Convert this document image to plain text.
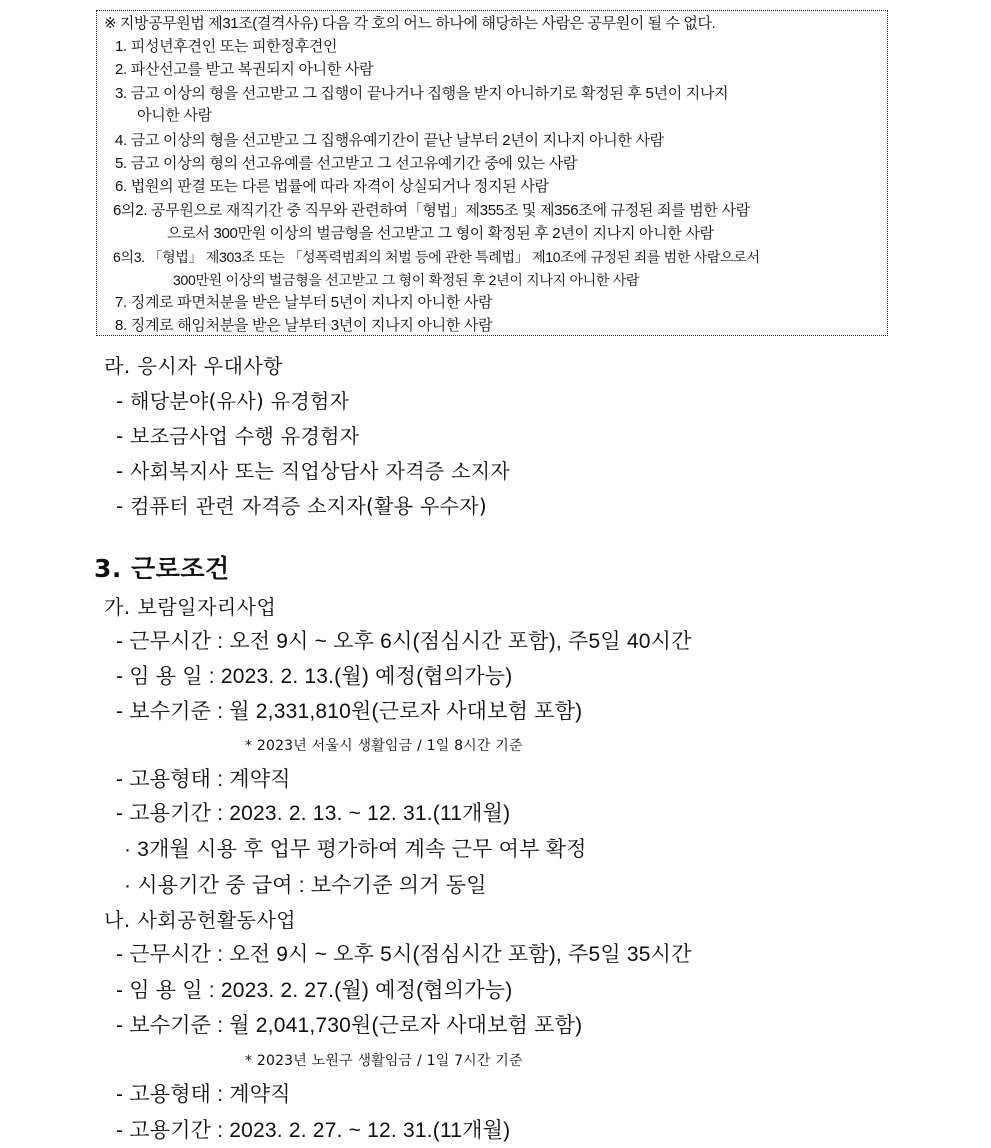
※ 지방공무원법 제31조(결격사유) 다음 각 호의 어느 하나에 해당하는 사람은 공무원이 될 수 없다.
1. 피성년후견인 또는 피한정후견인
2. 파산선고를 받고 복권되지 아니한 사람
3. 금고 이상의 형을 선고받고 그 집행이 끝나거나 집행을 받지 아니하기로 확정된 후 5년이 지나지
아니한 사람
4. 금고 이상의 형을 선고받고 그 집행유예기간이 끝난 날부터 2년이 지나지 아니한 사람
5. 금고 이상의 형의 선고유예를 선고받고 그 선고유예기간 중에 있는 사람
6. 법원의 판결 또는 다른 법률에 따라 자격이 상실되거나 정지된 사람
6의2. 공무원으로 재직기간 중 직무와 관련하여「형법」제355조 및 제356조에 규정된 죄를 범한 사람
으로서 300만원 이상의 벌금형을 선고받고 그 형이 확정된 후 2년이 지나지 아니한 사람
6의3. 「형법」 제303조 또는 「성폭력범죄의 처벌 등에 관한 특례법」 제10조에 규정된 죄를 범한 사람으로서
300만원 이상의 벌금형을 선고받고 그 형이 확정된 후 2년이 지나지 아니한 사람
7. 징계로 파면처분을 받은 날부터 5년이 지나지 아니한 사람
8. 징계로 해임처분을 받은 날부터 3년이 지나지 아니한 사람
라. 응시자 우대사항
- 해당분야(유사) 유경험자
- 보조금사업 수행 유경험자
- 사회복지사 또는 직업상담사 자격증 소지자
- 컴퓨터 관련 자격증 소지자(활용 우수자)
3. 근로조건
가. 보람일자리사업
- 근무시간 : 오전 9시 ~ 오후 6시(점심시간 포함), 주5일 40시간
- 임 용 일 : 2023. 2. 13.(월) 예정(협의가능)
- 보수기준 : 월 2,331,810원(근로자 사대보험 포함)
* 2023년 서울시 생활임금 / 1일 8시간 기준
- 고용형태 : 계약직
- 고용기간 : 2023. 2. 13. ~ 12. 31.(11개월)
· 3개월 시용 후 업무 평가하여 계속 근무 여부 확정
· 시용기간 중 급여 : 보수기준 의거 동일
나. 사회공헌활동사업
- 근무시간 : 오전 9시 ~ 오후 5시(점심시간 포함), 주5일 35시간
- 임 용 일 : 2023. 2. 27.(월) 예정(협의가능)
- 보수기준 : 월 2,041,730원(근로자 사대보험 포함)
* 2023년 노원구 생활임금 / 1일 7시간 기준
- 고용형태 : 계약직
- 고용기간 : 2023. 2. 27. ~ 12. 31.(11개월)
